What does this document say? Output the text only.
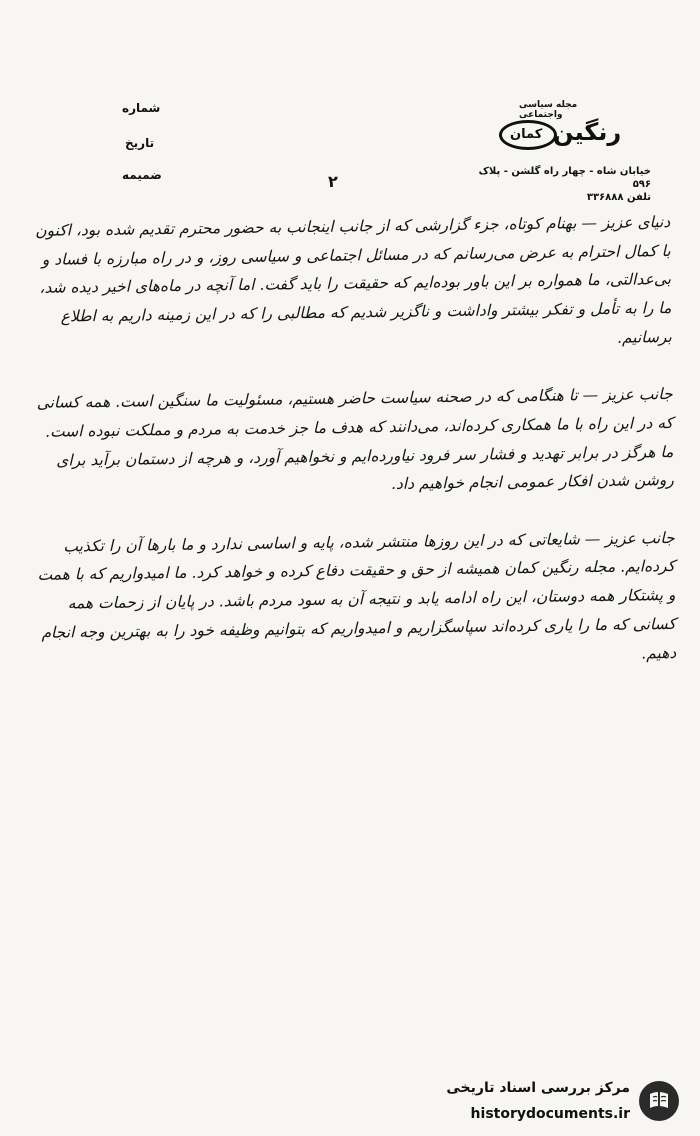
شماره
تاریخ
ضمیمه
مجله سیاسی واجتماعی
کمان رنگین
خیابان شاه - چهار راه گلشن - پلاک ۵۹۶
تلفن ۳۳۶۸۸۸
۲
دنیای عزیز — بهنام کوتاه، جزء گزارشی که از جانب اینجانب به حضور محترم تقدیم شده بود، اکنون با کمال احترام به عرض می‌رسانم که در مسائل اجتماعی و سیاسی روز، و در راه مبارزه با فساد و بی‌عدالتی، ما همواره بر این باور بوده‌ایم که حقیقت را باید گفت. اما آنچه در ماه‌های اخیر دیده شد، ما را به تأمل و تفکر بیشتر واداشت و ناگزیر شدیم که مطالبی را که در این زمینه داریم به اطلاع برسانیم.

جانب عزیز — تا هنگامی که در صحنه سیاست حاضر هستیم، مسئولیت ما سنگین است. همه کسانی که در این راه با ما همکاری کرده‌اند، می‌دانند که هدف ما جز خدمت به مردم و مملکت نبوده است. ما هرگز در برابر تهدید و فشار سر فرود نیاورده‌ایم و نخواهیم آورد، و هرچه از دستمان برآید برای روشن شدن افکار عمومی انجام خواهیم داد.

جانب عزیز — شایعاتی که در این روزها منتشر شده، پایه و اساسی ندارد و ما بارها آن را تکذیب کرده‌ایم. مجله رنگین کمان همیشه از حق و حقیقت دفاع کرده و خواهد کرد. ما امیدواریم که با همت و پشتکار همه دوستان، این راه ادامه یابد و نتیجه آن به سود مردم باشد. در پایان از زحمات همه کسانی که ما را یاری کرده‌اند سپاسگزاریم و امیدواریم که بتوانیم وظیفه خود را به بهترین وجه انجام دهیم.
مرکز بررسی اسناد تاریخی
historydocuments.ir
